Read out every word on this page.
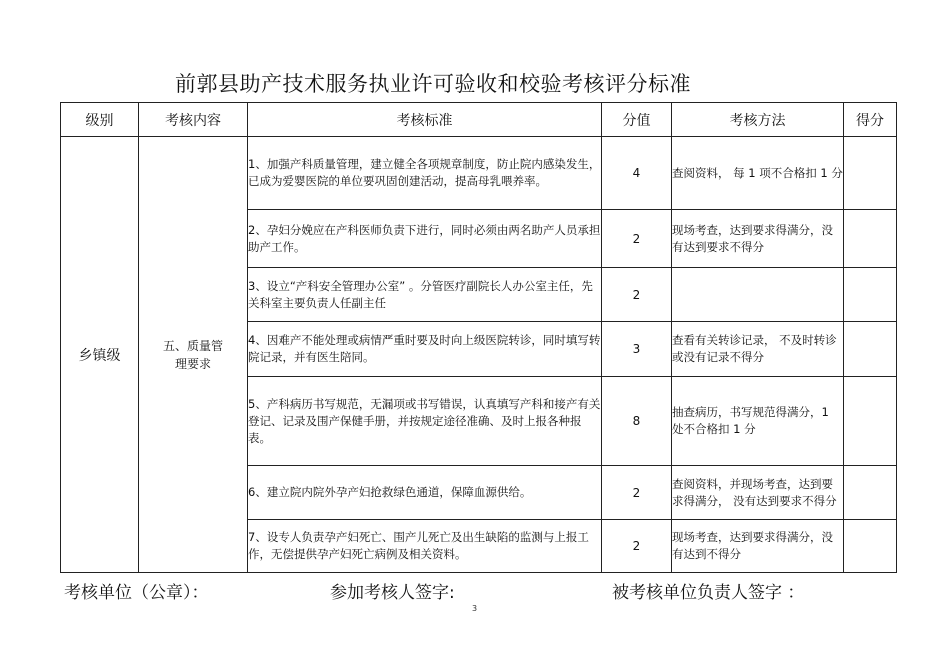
前郭县助产技术服务执业许可验收和校验考核评分标准
级别	考核内容	考核标准	分值	考核方法	得分
乡镇级	五、质量管理要求	1、加强产科质量管理，建立健全各项规章制度，防止院内感染发生，已成为爱婴医院的单位要巩固创建活动，提高母乳喂养率。	4	查阅资料， 每 1 项不合格扣 1 分	
		2、孕妇分娩应在产科医师负责下进行，同时必须由两名助产人员承担助产工作。	2	现场考查，达到要求得满分，没有达到要求不得分	
		3、设立“产科安全管理办公室” 。分管医疗副院长人办公室主任，先关科室主要负责人任副主任	2		
		4、因难产不能处理或病情严重时要及时向上级医院转诊，同时填写转院记录，并有医生陪同。	3	查看有关转诊记录， 不及时转诊或没有记录不得分	
		5、产科病历书写规范，无漏项或书写错误，认真填写产科和接产有关登记、记录及围产保健手册，并按规定途径准确、及时上报各种报表。	8	抽查病历，书写规范得满分，1 处不合格扣 1 分	
		6、建立院内院外孕产妇抢救绿色通道，保障血源供给。	2	查阅资料，并现场考查，达到要求得满分， 没有达到要求不得分	
		7、设专人负责孕产妇死亡、围产儿死亡及出生缺陷的监测与上报工作，无偿提供孕产妇死亡病例及相关资料。	2	现场考查，达到要求得满分，没有达到不得分	
考核单位（公章）：	参加考核人签字:	被考核单位负责人签字 ：
3
